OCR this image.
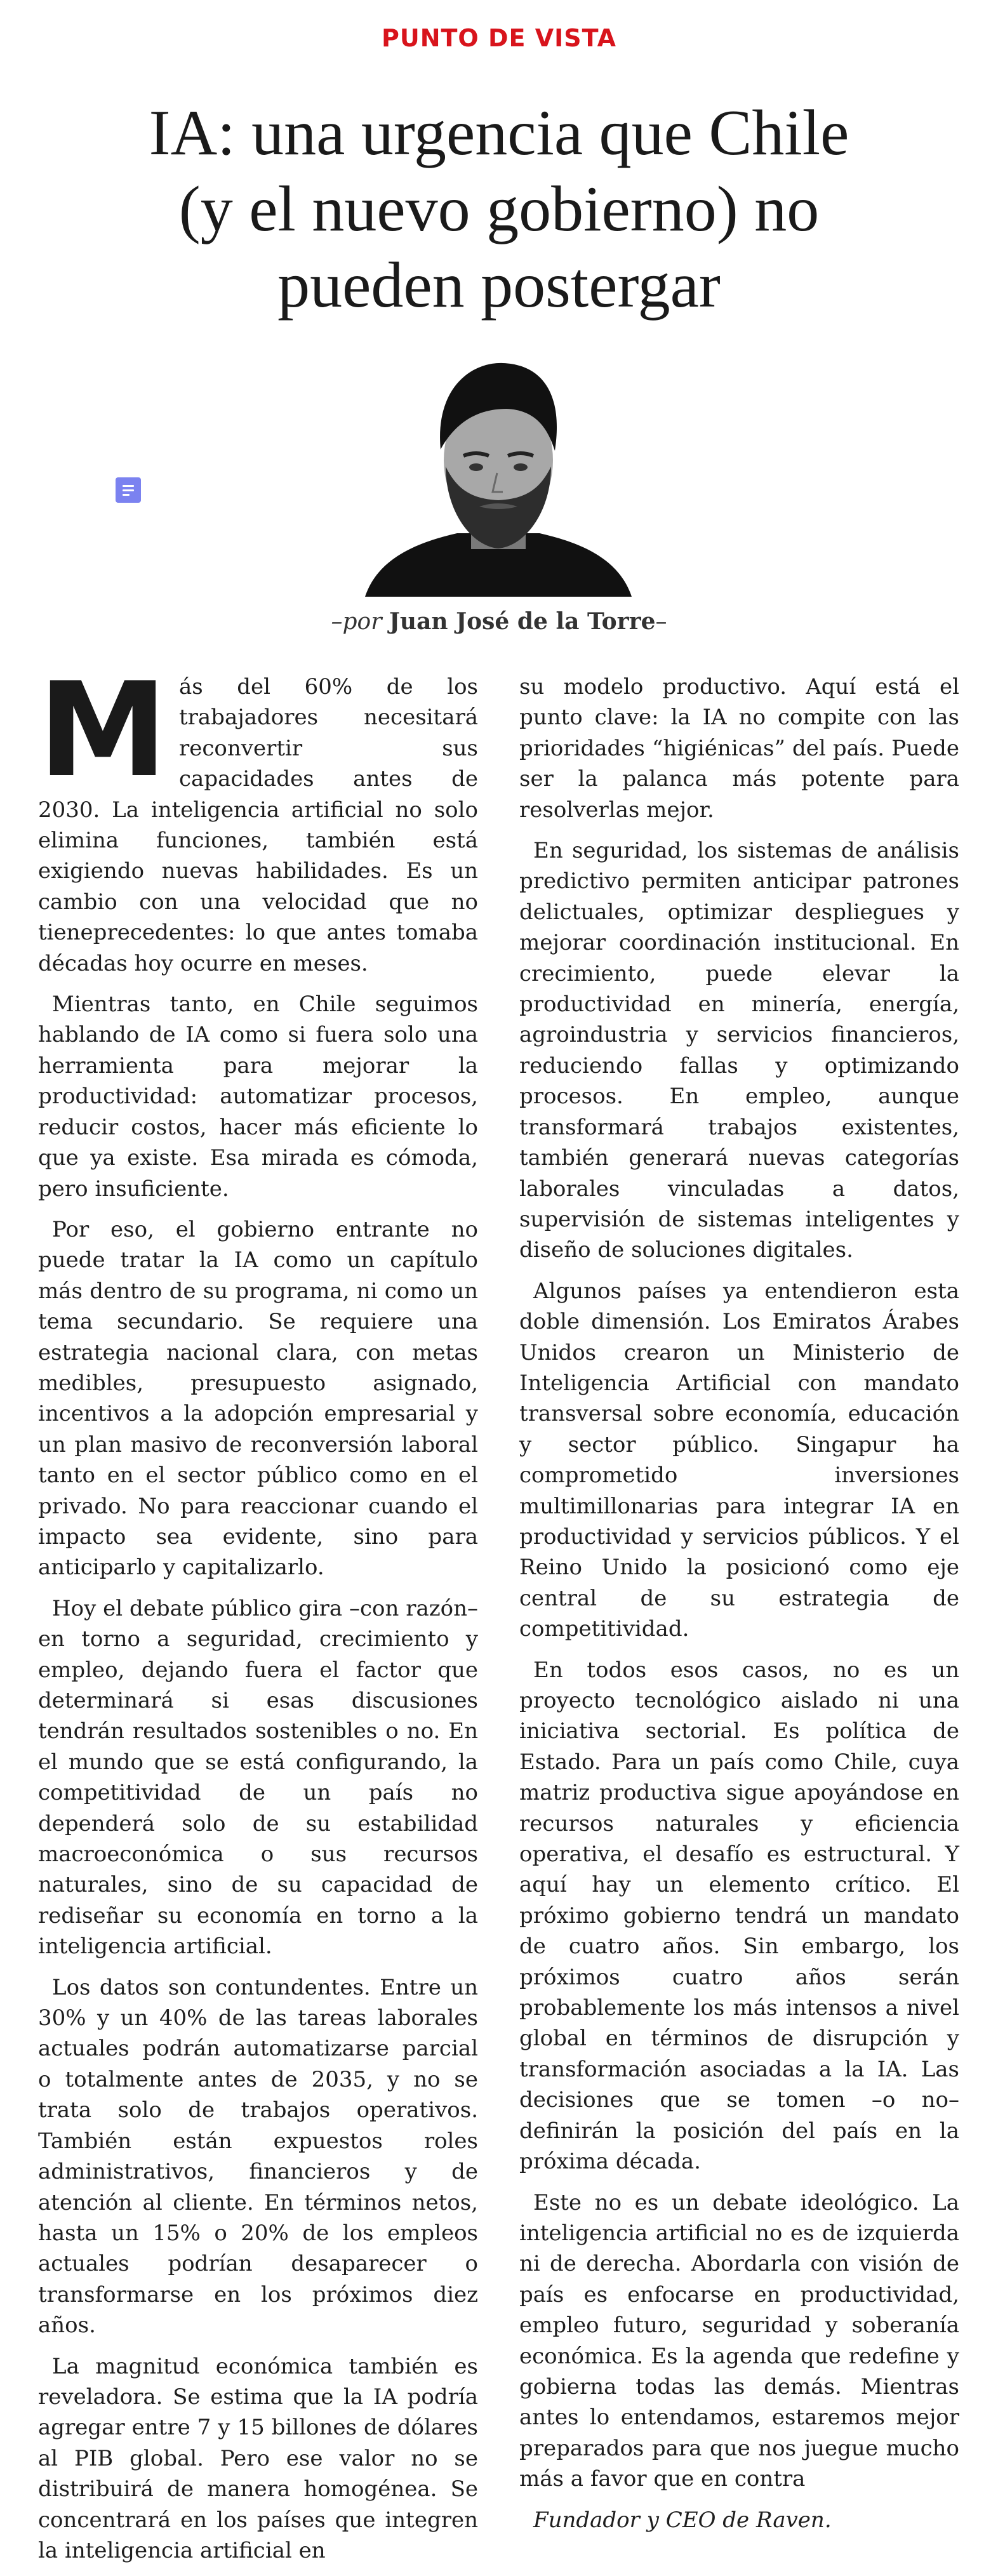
PUNTO DE VISTA
IA: una urgencia que Chile
(y el nuevo gobierno) no
pueden postergar
–por Juan José de la Torre–

Más del 60% de los trabajadores necesitará reconvertir sus capacidades antes de 2030. La inteligencia artificial no solo elimina funciones, también está exigiendo nuevas habilidades. Es un cambio con una velocidad que no tieneprecedentes: lo que antes tomaba décadas hoy ocurre en meses.

Mientras tanto, en Chile seguimos hablando de IA como si fuera solo una herramienta para mejorar la productividad: automatizar procesos, reducir costos, hacer más eficiente lo que ya existe. Esa mirada es cómoda, pero insuficiente.

Por eso, el gobierno entrante no puede tratar la IA como un capítulo más dentro de su programa, ni como un tema secundario. Se requiere una estrategia nacional clara, con metas medibles, presupuesto asignado, incentivos a la adopción empresarial y un plan masivo de reconversión laboral tanto en el sector público como en el privado. No para reaccionar cuando el impacto sea evidente, sino para anticiparlo y capitalizarlo.

Hoy el debate público gira –con razón– en torno a seguridad, crecimiento y empleo, dejando fuera el factor que determinará si esas discusiones tendrán resultados sostenibles o no. En el mundo que se está configurando, la competitividad de un país no dependerá solo de su estabilidad macroeconómica o sus recursos naturales, sino de su capacidad de rediseñar su economía en torno a la inteligencia artificial.

Los datos son contundentes. Entre un 30% y un 40% de las tareas laborales actuales podrán automatizarse parcial o totalmente antes de 2035, y no se trata solo de trabajos operativos. También están expuestos roles administrativos, financieros y de atención al cliente. En términos netos, hasta un 15% o 20% de los empleos actuales podrían desaparecer o transformarse en los próximos diez años.

La magnitud económica también es reveladora. Se estima que la IA podría agregar entre 7 y 15 billones de dólares al PIB global. Pero ese valor no se distribuirá de manera homogénea. Se concentrará en los países que integren la inteligencia artificial en

su modelo productivo. Aquí está el punto clave: la IA no compite con las prioridades “higiénicas” del país. Puede ser la palanca más potente para resolverlas mejor.

En seguridad, los sistemas de análisis predictivo permiten anticipar patrones delictuales, optimizar despliegues y mejorar coordinación institucional. En crecimiento, puede elevar la productividad en minería, energía, agroindustria y servicios financieros, reduciendo fallas y optimizando procesos. En empleo, aunque transformará trabajos existentes, también generará nuevas categorías laborales vinculadas a datos, supervisión de sistemas inteligentes y diseño de soluciones digitales.

Algunos países ya entendieron esta doble dimensión. Los Emiratos Árabes Unidos crearon un Ministerio de Inteligencia Artificial con mandato transversal sobre economía, educación y sector público. Singapur ha comprometido inversiones multimillonarias para integrar IA en productividad y servicios públicos. Y el Reino Unido la posicionó como eje central de su estrategia de competitividad.

En todos esos casos, no es un proyecto tecnológico aislado ni una iniciativa sectorial. Es política de Estado. Para un país como Chile, cuya matriz productiva sigue apoyándose en recursos naturales y eficiencia operativa, el desafío es estructural. Y aquí hay un elemento crítico. El próximo gobierno tendrá un mandato de cuatro años. Sin embargo, los próximos cuatro años serán probablemente los más intensos a nivel global en términos de disrupción y transformación asociadas a la IA. Las decisiones que se tomen –o no–definirán la posición del país en la próxima década.

Este no es un debate ideológico. La inteligencia artificial no es de izquierda ni de derecha. Abordarla con visión de país es enfocarse en productividad, empleo futuro, seguridad y soberanía económica. Es la agenda que redefine y gobierna todas las demás. Mientras antes lo entendamos, estaremos mejor preparados para que nos juegue mucho más a favor que en contra

Fundador y CEO de Raven.
